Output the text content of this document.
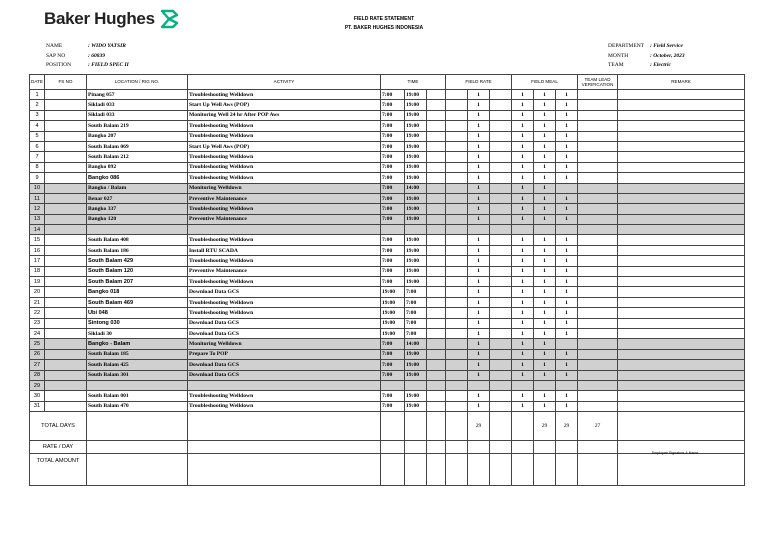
Baker Hughes	FIELD RATE STATEMENT
PT. BAKER HUGHES INDONESIA
NAME	: WIDO YATSIR
SAP NO	: 60839
POSITION	: FIELD SPEC II
DEPARTMENT	: Field Service
MONTH	: October, 2023
TEAM	: Electric
DATE	FS NO	LOCATION / RIG NO.	ACTIVITY	TIME			FIELD RATE			FIELD MEAL			TEAM LEAD VERIFICATION	REMARK
1		Pinang 057	Troubleshooting Welldown	7:00	19:00			1		1	1	1		
2		Sikladi 033	Start Up Well Aws (POP)	7:00	19:00			1		1	1	1		
3		Sikladi 033	Monitoring Well 24 hr After POP Aws	7:00	19:00			1		1	1	1		
4		South Balam 219	Troubleshooting Welldown	7:00	19:00			1		1	1	1		
5		Bangko 207	Troubleshooting Welldown	7:00	19:00			1		1	1	1		
6		South Balam 069	Start Up Well Aws (POP)	7:00	19:00			1		1	1	1		
7		South Balam 212	Troubleshooting Welldown	7:00	19:00			1		1	1	1		
8		Bangko 092	Troubleshooting Welldown	7:00	19:00			1		1	1	1		
9		Bangko 086	Troubleshooting Welldown	7:00	19:00			1		1	1	1		
10		Bangko / Balam	Monitoring Welldown	7:00	14:00			1		1	1			
11		Benar 027	Preventive Maintenance	7:00	19:00			1		1	1	1		
12		Bangko 337	Troubleshooting Welldown	7:00	19:00			1		1	1	1		
13		Bangko 120	Preventive Maintenance	7:00	19:00			1		1	1	1		
14														
15		South Balam 408	Troubleshooting Welldown	7:00	19:00			1		1	1	1		
16		South Balam 186	Install RTU SCADA	7:00	19:00			1		1	1	1		
17		South Balam 429	Troubleshooting Welldown	7:00	19:00			1		1	1	1		
18		South Balam 120	Preventive Maintenance	7:00	19:00			1		1	1	1		
19		South Balam 207	Troubleshooting Welldown	7:00	19:00			1		1	1	1		
20		Bangko 018	Download Data GCS	19:00	7:00			1		1	1	1		
21		South Balam 469	Troubleshooting Welldown	19:00	7:00			1		1	1	1		
22		Ubi 048	Troubleshooting Welldown	19:00	7:00			1		1	1	1		
23		Sintong 030	Download Data GCS	19:00	7:00			1		1	1	1		
24		Sikladi 30	Download Data GCS	19:00	7:00			1		1	1	1		
25		Bangko - Balam	Monitoring Welldown	7:00	14:00			1		1	1			
26		South Balam 185	Prepare To POP	7:00	19:00			1		1	1	1		
27		South Balam 425	Download Data GCS	7:00	19:00			1		1	1	1		
28		South Balam 301	Download Data GCS	7:00	19:00			1		1	1	1		
29														
30		South Balam 001	Troubleshooting Welldown	7:00	19:00			1		1	1	1		
31		South Balam 470	Troubleshooting Welldown	7:00	19:00			1		1	1	1		
TOTAL DAYS								29			29	29	27	
RATE / DAY														
TOTAL AMOUNT														
Employee Signature & Name
